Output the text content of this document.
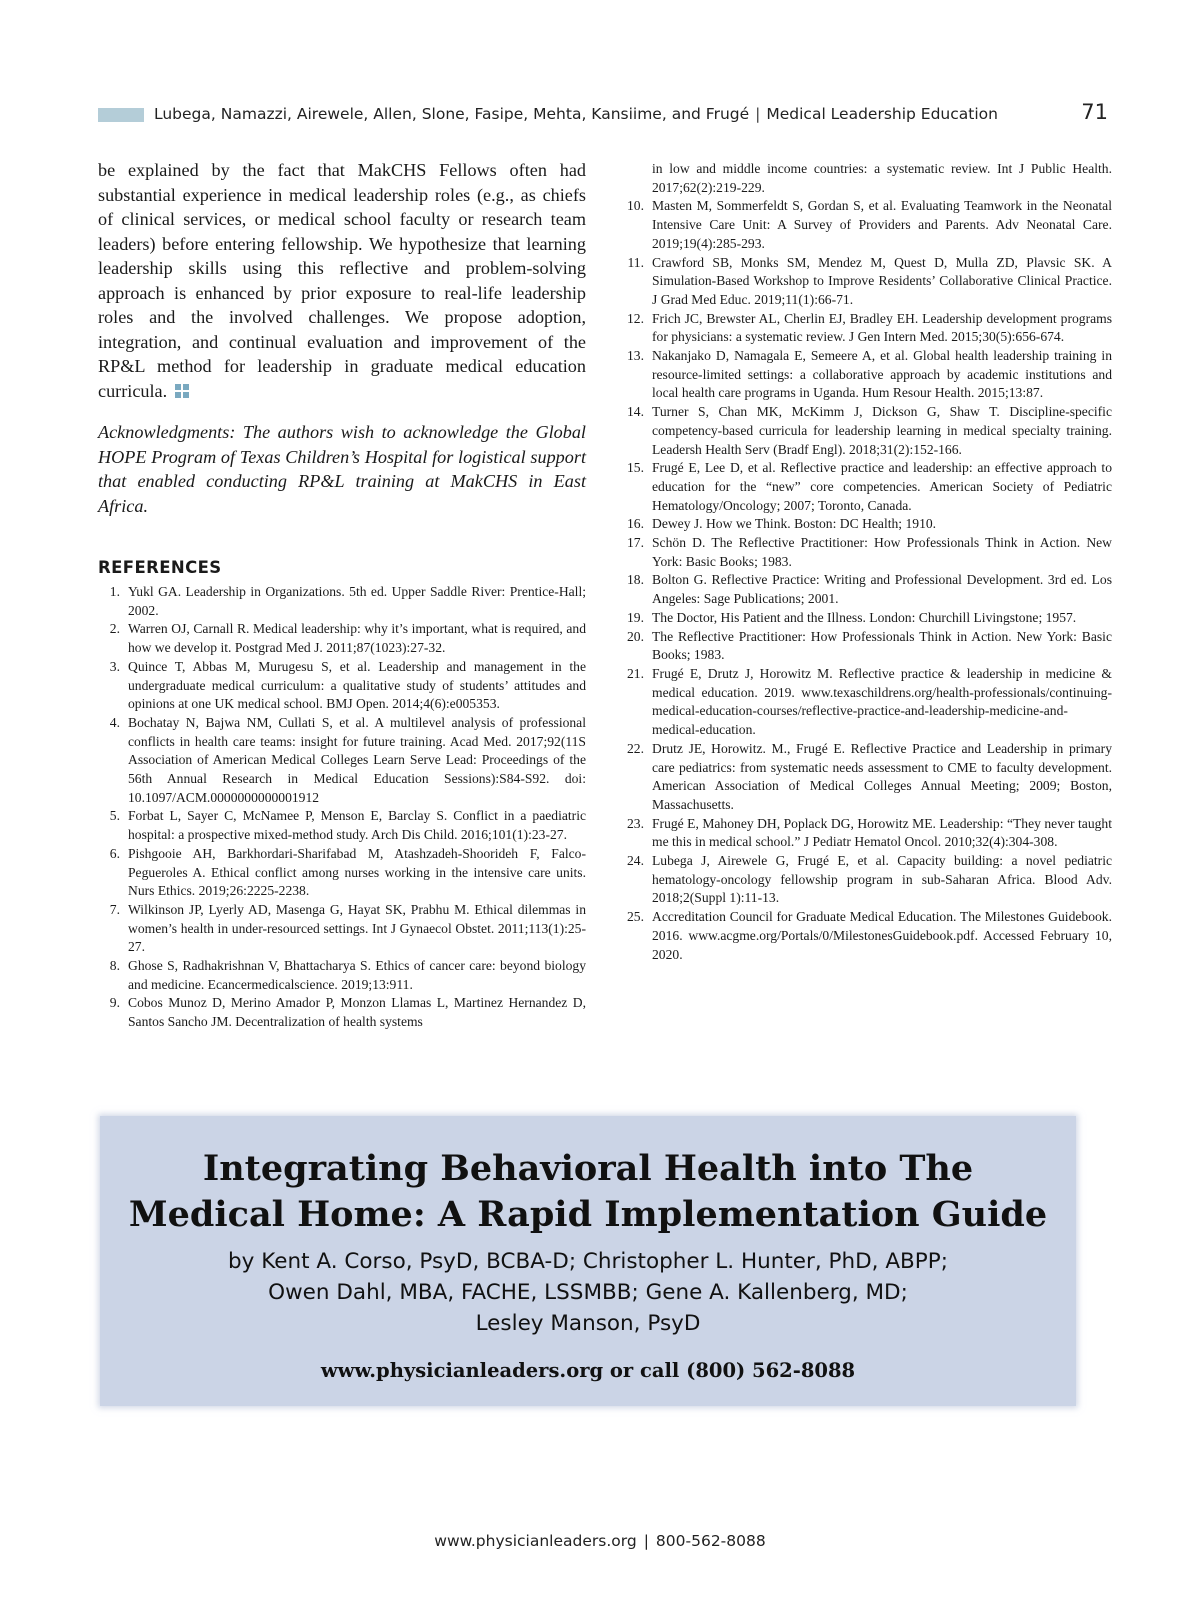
Lubega, Namazzi, Airewele, Allen, Slone, Fasipe, Mehta, Kansiime, and Frugé | Medical Leadership Education	71

be explained by the fact that MakCHS Fellows often had substantial experience in medical leadership roles (e.g., as chiefs of clinical services, or medical school faculty or research team leaders) before entering fellowship. We hypothesize that learning leadership skills using this reflective and problem-solving approach is enhanced by prior exposure to real-life leadership roles and the involved challenges. We propose adoption, integration, and continual evaluation and improvement of the RP&L method for leadership in graduate medical education curricula.

Acknowledgments: The authors wish to acknowledge the Global HOPE Program of Texas Children’s Hospital for logistical support that enabled conducting RP&L training at MakCHS in East Africa.

REFERENCES
1. Yukl GA. Leadership in Organizations. 5th ed. Upper Saddle River: Prentice-Hall; 2002.
2. Warren OJ, Carnall R. Medical leadership: why it’s important, what is required, and how we develop it. Postgrad Med J. 2011;87(1023):27-32.
3. Quince T, Abbas M, Murugesu S, et al. Leadership and management in the undergraduate medical curriculum: a qualitative study of students’ attitudes and opinions at one UK medical school. BMJ Open. 2014;4(6):e005353.
4. Bochatay N, Bajwa NM, Cullati S, et al. A multilevel analysis of professional conflicts in health care teams: insight for future training. Acad Med. 2017;92(11S Association of American Medical Colleges Learn Serve Lead: Proceedings of the 56th Annual Research in Medical Education Sessions):S84-S92. doi: 10.1097/ACM.0000000000001912
5. Forbat L, Sayer C, McNamee P, Menson E, Barclay S. Conflict in a paediatric hospital: a prospective mixed-method study. Arch Dis Child. 2016;101(1):23-27.
6. Pishgooie AH, Barkhordari-Sharifabad M, Atashzadeh-Shoorideh F, Falco-Pegueroles A. Ethical conflict among nurses working in the intensive care units. Nurs Ethics. 2019;26:2225-2238.
7. Wilkinson JP, Lyerly AD, Masenga G, Hayat SK, Prabhu M. Ethical dilemmas in women’s health in under-resourced settings. Int J Gynaecol Obstet. 2011;113(1):25-27.
8. Ghose S, Radhakrishnan V, Bhattacharya S. Ethics of cancer care: beyond biology and medicine. Ecancermedicalscience. 2019;13:911.
9. Cobos Munoz D, Merino Amador P, Monzon Llamas L, Martinez Hernandez D, Santos Sancho JM. Decentralization of health systems
in low and middle income countries: a systematic review. Int J Public Health. 2017;62(2):219-229.
10. Masten M, Sommerfeldt S, Gordan S, et al. Evaluating Teamwork in the Neonatal Intensive Care Unit: A Survey of Providers and Parents. Adv Neonatal Care. 2019;19(4):285-293.
11. Crawford SB, Monks SM, Mendez M, Quest D, Mulla ZD, Plavsic SK. A Simulation-Based Workshop to Improve Residents’ Collaborative Clinical Practice. J Grad Med Educ. 2019;11(1):66-71.
12. Frich JC, Brewster AL, Cherlin EJ, Bradley EH. Leadership development programs for physicians: a systematic review. J Gen Intern Med. 2015;30(5):656-674.
13. Nakanjako D, Namagala E, Semeere A, et al. Global health leadership training in resource-limited settings: a collaborative approach by academic institutions and local health care programs in Uganda. Hum Resour Health. 2015;13:87.
14. Turner S, Chan MK, McKimm J, Dickson G, Shaw T. Discipline-specific competency-based curricula for leadership learning in medical specialty training. Leadersh Health Serv (Bradf Engl). 2018;31(2):152-166.
15. Frugé E, Lee D, et al. Reflective practice and leadership: an effective approach to education for the “new” core competencies. American Society of Pediatric Hematology/Oncology; 2007; Toronto, Canada.
16. Dewey J. How we Think. Boston: DC Health; 1910.
17. Schön D. The Reflective Practitioner: How Professionals Think in Action. New York: Basic Books; 1983.
18. Bolton G. Reflective Practice: Writing and Professional Development. 3rd ed. Los Angeles: Sage Publications; 2001.
19. The Doctor, His Patient and the Illness. London: Churchill Livingstone; 1957.
20. The Reflective Practitioner: How Professionals Think in Action. New York: Basic Books; 1983.
21. Frugé E, Drutz J, Horowitz M. Reflective practice & leadership in medicine & medical education. 2019. www.texaschildrens.org/health-professionals/continuing-medical-education-courses/reflective-practice-and-leadership-medicine-and-medical-education.
22. Drutz JE, Horowitz. M., Frugé E. Reflective Practice and Leadership in primary care pediatrics: from systematic needs assessment to CME to faculty development. American Association of Medical Colleges Annual Meeting; 2009; Boston, Massachusetts.
23. Frugé E, Mahoney DH, Poplack DG, Horowitz ME. Leadership: “They never taught me this in medical school.” J Pediatr Hematol Oncol. 2010;32(4):304-308.
24. Lubega J, Airewele G, Frugé E, et al. Capacity building: a novel pediatric hematology-oncology fellowship program in sub-Saharan Africa. Blood Adv. 2018;2(Suppl 1):11-13.
25. Accreditation Council for Graduate Medical Education. The Milestones Guidebook. 2016. www.acgme.org/Portals/0/MilestonesGuidebook.pdf. Accessed February 10, 2020.
Integrating Behavioral Health into The Medical Home: A Rapid Implementation Guide
by Kent A. Corso, PsyD, BCBA-D; Christopher L. Hunter, PhD, ABPP;
Owen Dahl, MBA, FACHE, LSSMBB; Gene A. Kallenberg, MD;
Lesley Manson, PsyD
www.physicianleaders.org or call (800) 562-8088
www.physicianleaders.org | 800-562-8088
